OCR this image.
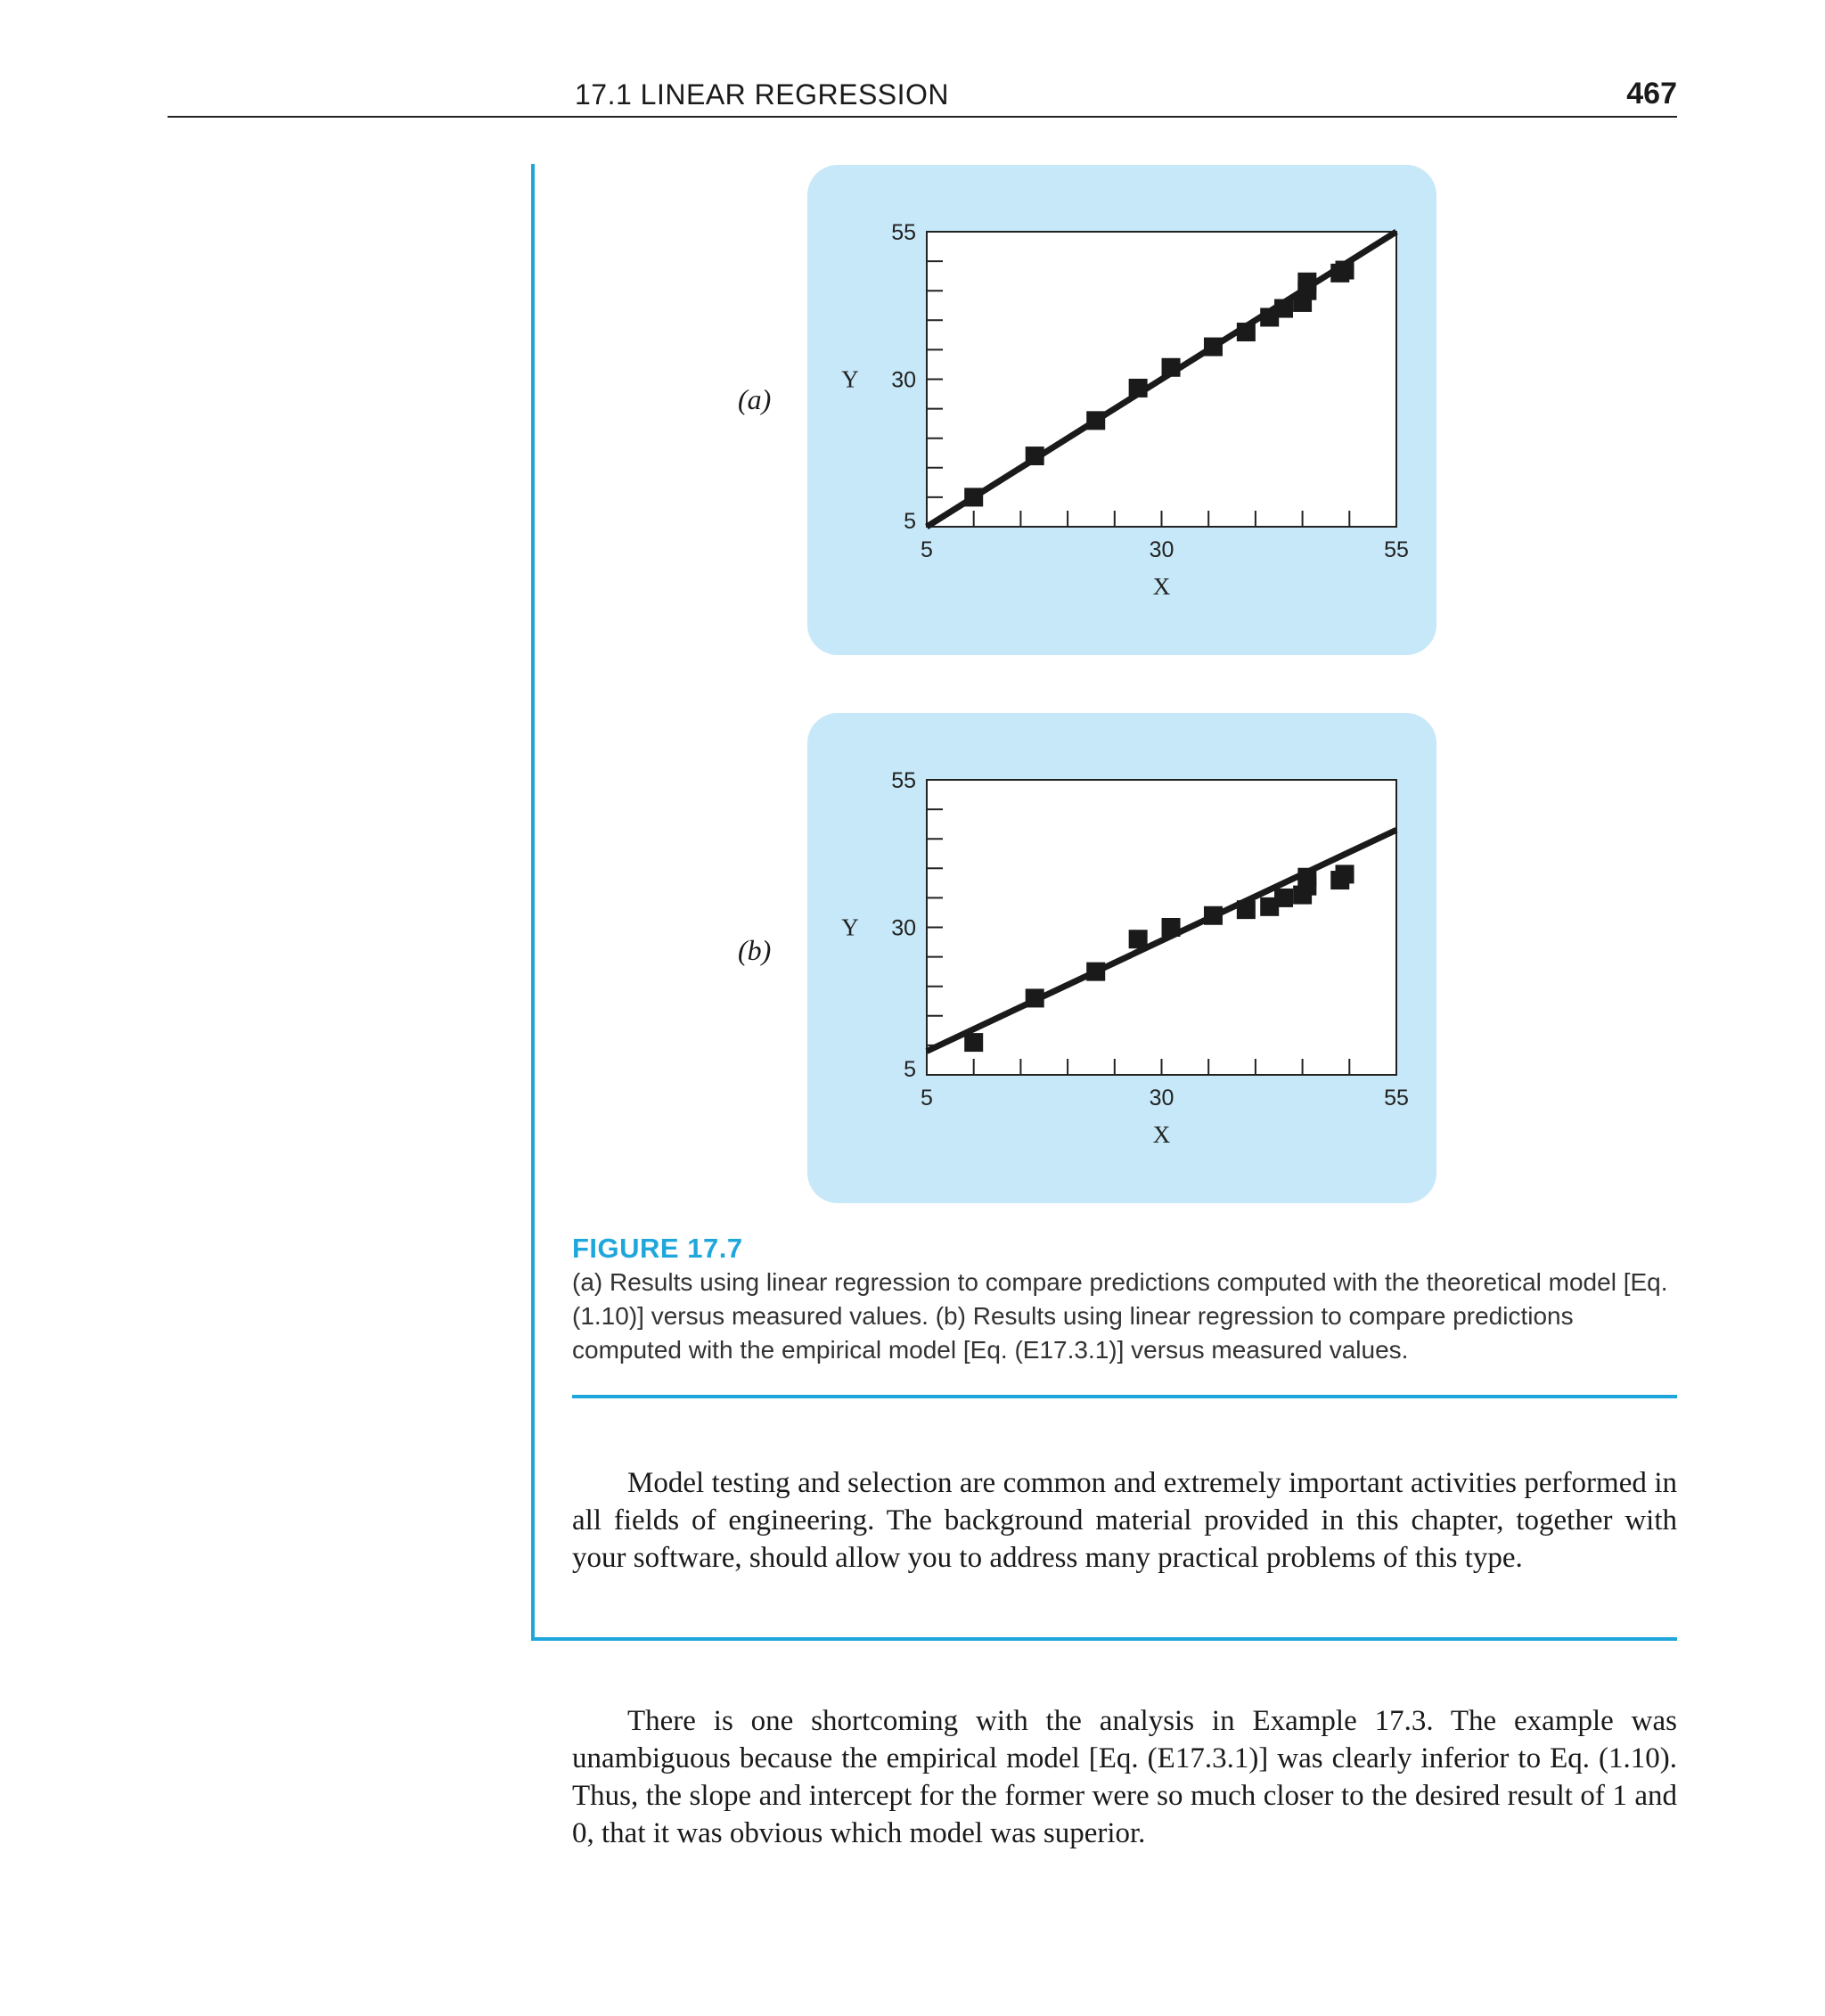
17.1 LINEAR REGRESSION	467
(a)
5	30	55
5
30
55
X
Y
(b)
5	30	55
5
30
55
X
Y
FIGURE 17.7
(a) Results using linear regression to compare predictions computed with the theoretical model [Eq. (1.10)] versus measured values. (b) Results using linear regression to compare predictions computed with the empirical model [Eq. (E17.3.1)] versus measured values.

Model testing and selection are common and extremely important activities performed in all fields of engineering. The background material provided in this chapter, together with your software, should allow you to address many practical problems of this type.

There is one shortcoming with the analysis in Example 17.3. The example was unambiguous because the empirical model [Eq. (E17.3.1)] was clearly inferior to Eq. (1.10). Thus, the slope and intercept for the former were so much closer to the desired result of 1 and 0, that it was obvious which model was superior.
